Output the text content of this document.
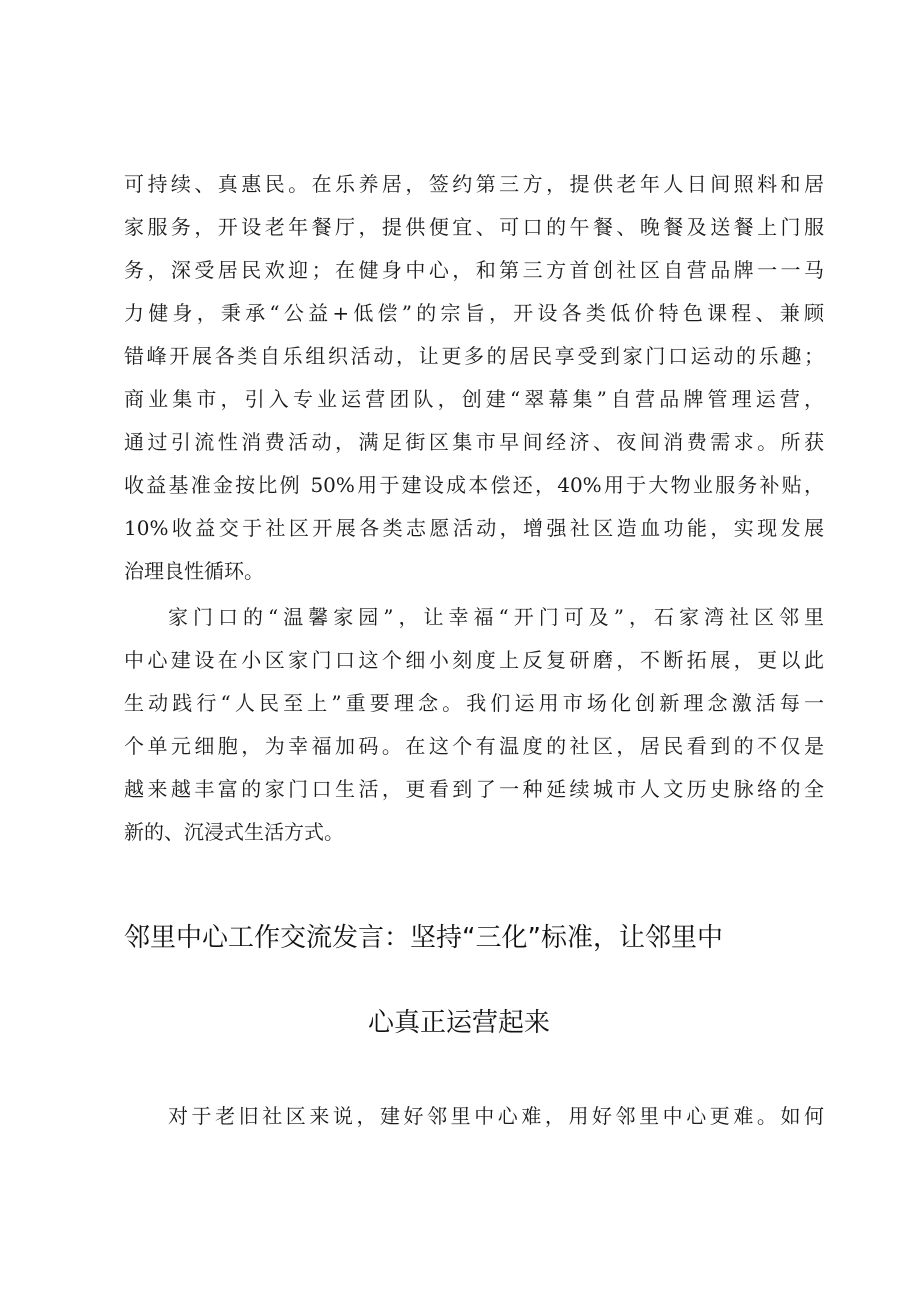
可持续、真惠民。在乐养居，签约第三方，提供老年人日间照料和居
家服务，开设老年餐厅，提供便宜、可口的午餐、晚餐及送餐上门服
务，深受居民欢迎；在健身中心，和第三方首创社区自营品牌一一马
力健身，秉承“公益+低偿”的宗旨，开设各类低价特色课程、兼顾
错峰开展各类自乐组织活动，让更多的居民享受到家门口运动的乐趣；
商业集市，引入专业运营团队，创建“翠幕集”自营品牌管理运营，
通过引流性消费活动，满足街区集市早间经济、夜间消费需求。所获
收益基准金按比例 50%用于建设成本偿还，40%用于大物业服务补贴，
10%收益交于社区开展各类志愿活动，增强社区造血功能，实现发展
治理良性循环。
家门口的“温馨家园”，让幸福“开门可及”，石家湾社区邻里
中心建设在小区家门口这个细小刻度上反复研磨，不断拓展，更以此
生动践行“人民至上”重要理念。我们运用市场化创新理念激活每一
个单元细胞，为幸福加码。在这个有温度的社区，居民看到的不仅是
越来越丰富的家门口生活，更看到了一种延续城市人文历史脉络的全
新的、沉浸式生活方式。
邻里中心工作交流发言：坚持“三化”标准，让邻里中
心真正运营起来
对于老旧社区来说，建好邻里中心难，用好邻里中心更难。如何
